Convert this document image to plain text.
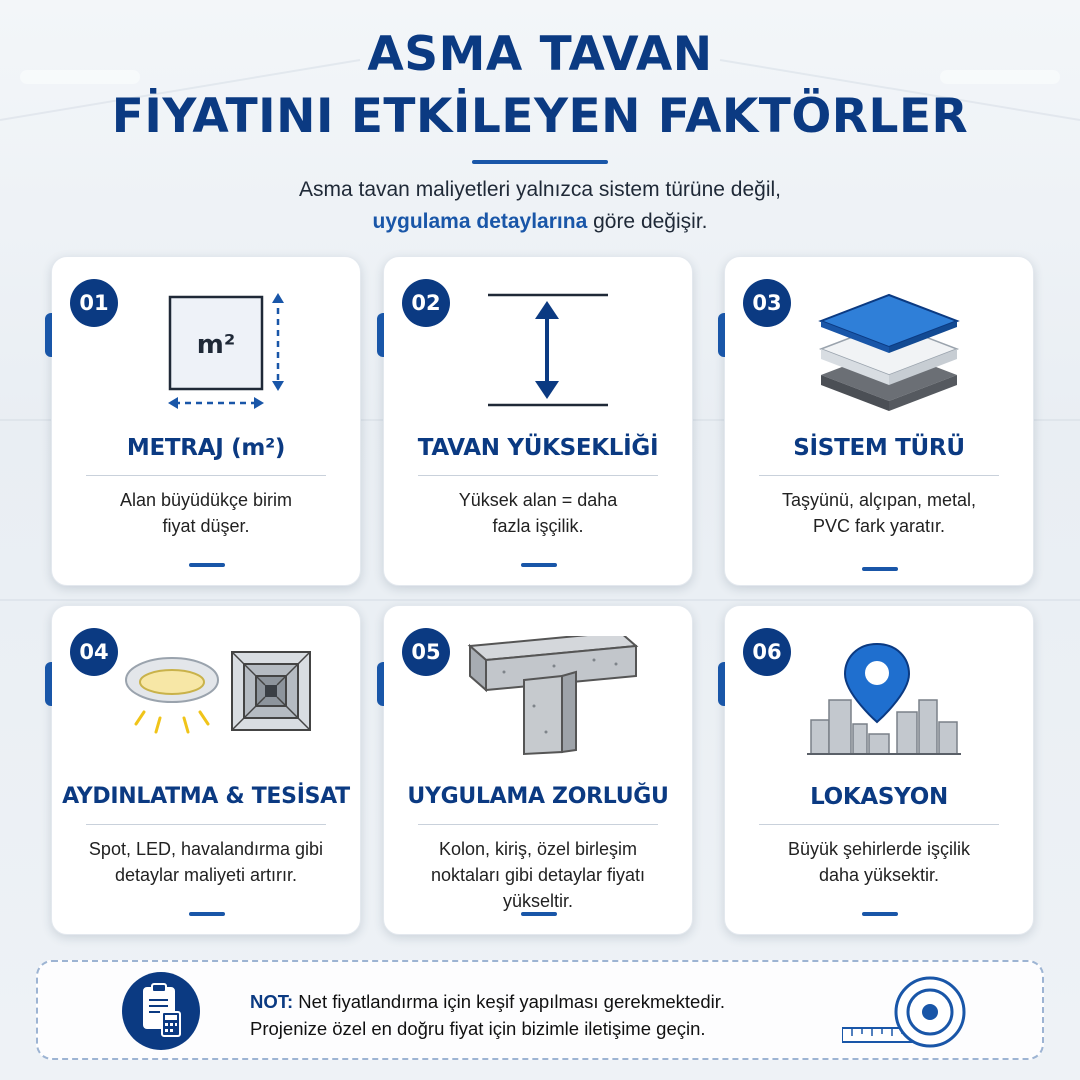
ASMA TAVAN
FİYATINI ETKİLEYEN FAKTÖRLER
Asma tavan maliyetleri yalnızca sistem türüne değil,
uygulama detaylarına göre değişir.
01
m²
METRAJ (m²)
Alan büyüdükçe birim fiyat düşer.
02
TAVAN YÜKSEKLİĞİ
Yüksek alan = daha fazla işçilik.
03
SİSTEM TÜRÜ
Taşyünü, alçıpan, metal, PVC fark yaratır.
04
AYDINLATMA & TESİSAT
Spot, LED, havalandırma gibi detaylar maliyeti artırır.
05
UYGULAMA ZORLUĞU
Kolon, kiriş, özel birleşim noktaları gibi detaylar fiyatı yükseltir.
06
LOKASYON
Büyük şehirlerde işçilik daha yüksektir.
NOT: Net fiyatlandırma için keşif yapılması gerekmektedir.
Projenize özel en doğru fiyat için bizimle iletişime geçin.
